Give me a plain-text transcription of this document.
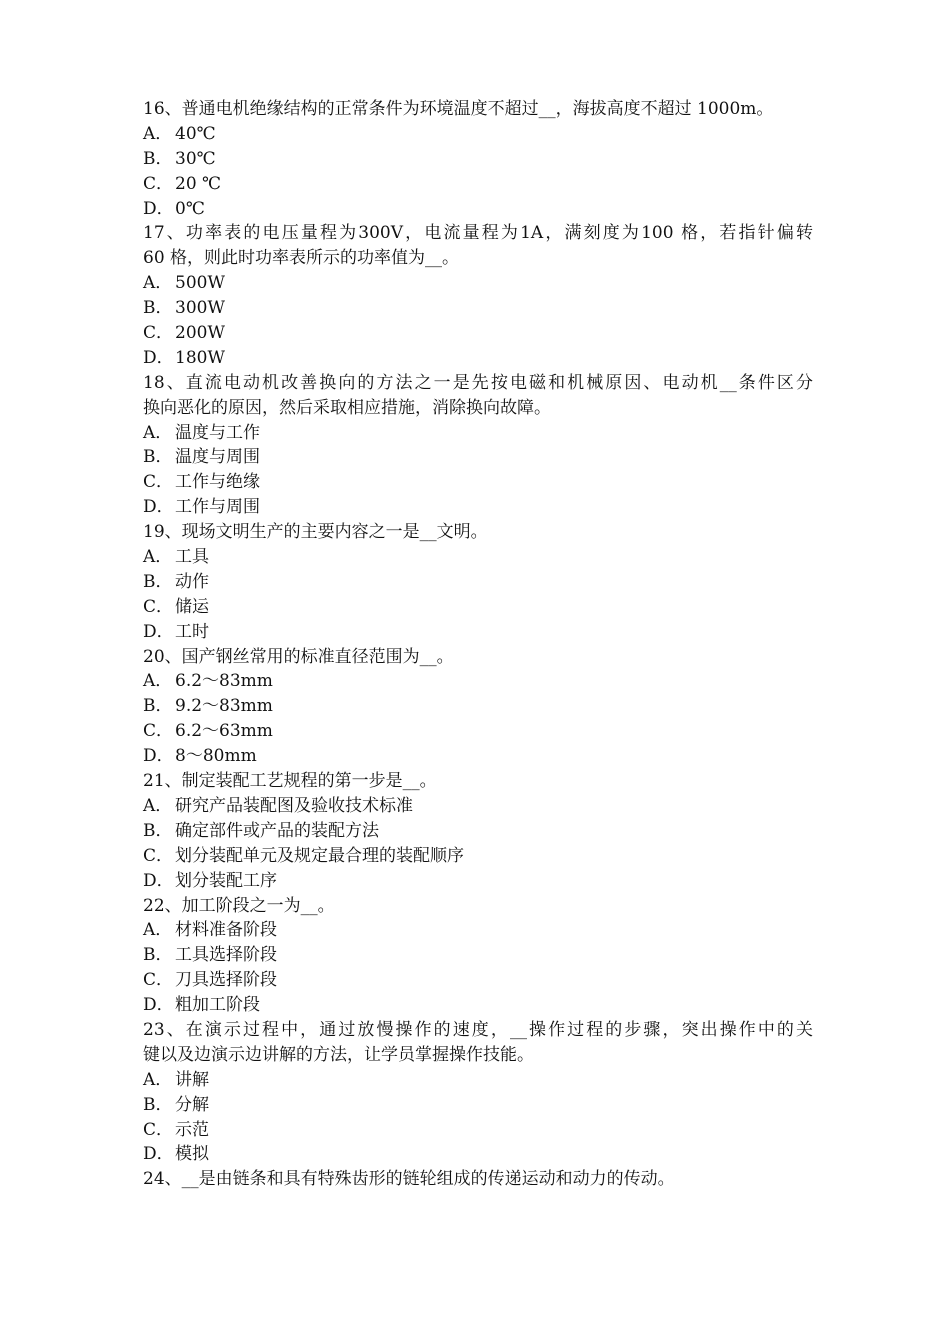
16、普通电机绝缘结构的正常条件为环境温度不超过__，海拔高度不超过 1000m。
A． 40℃
B． 30℃
C． 20 ℃
D．0℃
17、功率表的电压量程为300V，电流量程为1A，满刻度为100 格，若指针偏转
60 格，则此时功率表所示的功率值为__。
A． 500W
B． 300W
C． 200W
D．180W
18、直流电动机改善换向的方法之一是先按电磁和机械原因、电动机__条件区分
换向恶化的原因，然后采取相应措施，消除换向故障。
A． 温度与工作
B． 温度与周围
C． 工作与绝缘
D．工作与周围
19、现场文明生产的主要内容之一是__文明。
A． 工具
B． 动作
C． 储运
D．工时
20、国产钢丝常用的标准直径范围为__。
A． 6.2～83mm
B． 9.2～83mm
C． 6.2～63mm
D．8～80mm
21、制定装配工艺规程的第一步是__。
A． 研究产品装配图及验收技术标准
B． 确定部件或产品的装配方法
C． 划分装配单元及规定最合理的装配顺序
D．划分装配工序
22、加工阶段之一为__。
A． 材料准备阶段
B． 工具选择阶段
C． 刀具选择阶段
D．粗加工阶段
23、在演示过程中，通过放慢操作的速度，__操作过程的步骤，突出操作中的关
键以及边演示边讲解的方法，让学员掌握操作技能。
A． 讲解
B． 分解
C． 示范
D．模拟
24、__是由链条和具有特殊齿形的链轮组成的传递运动和动力的传动。
